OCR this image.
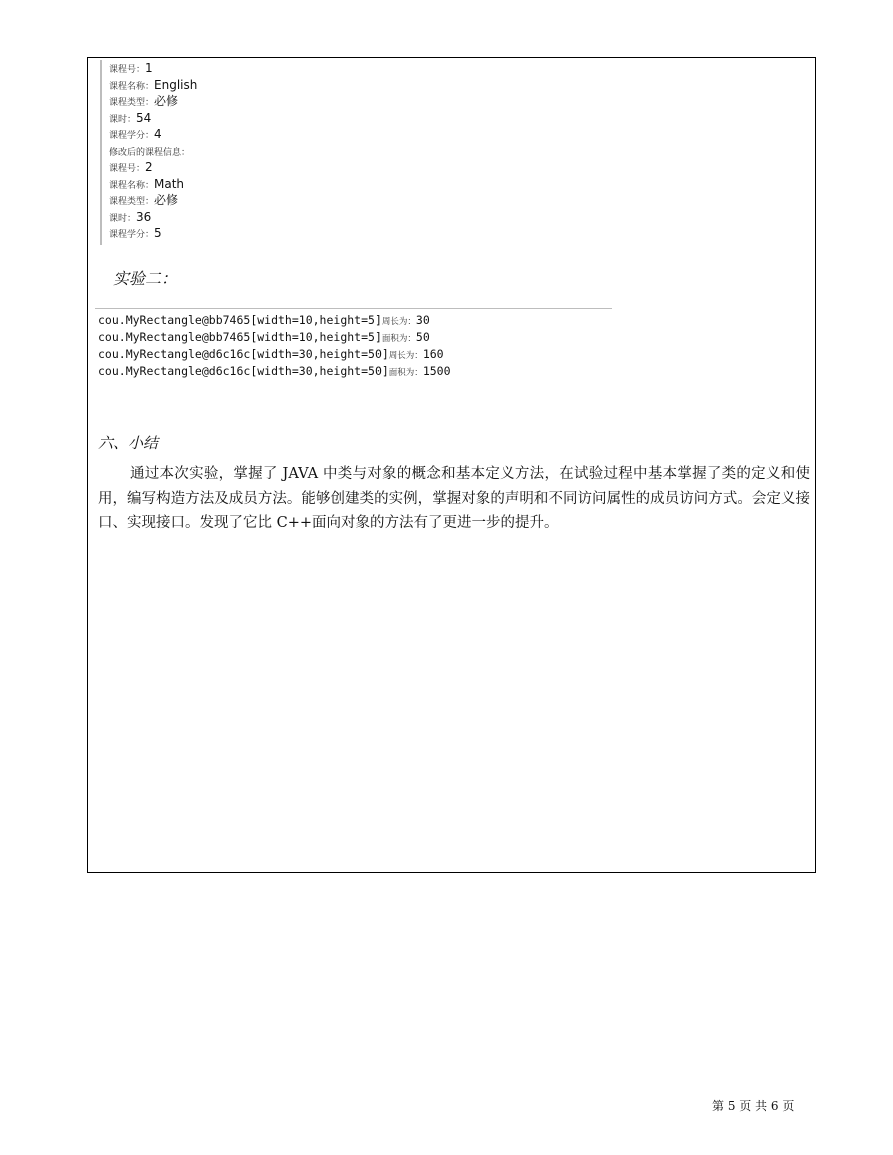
课程号：1
课程名称：English
课程类型：必修
课时：54
课程学分：4
修改后的课程信息：
课程号：2
课程名称：Math
课程类型：必修
课时：36
课程学分：5
实验二：
cou.MyRectangle@bb7465[width=10,height=5]周长为：30
cou.MyRectangle@bb7465[width=10,height=5]面积为：50
cou.MyRectangle@d6c16c[width=30,height=50]周长为：160
cou.MyRectangle@d6c16c[width=30,height=50]面积为：1500
六、小结
通过本次实验，掌握了 JAVA 中类与对象的概念和基本定义方法，在试验过程中基本掌握了类的定义和使用，编写构造方法及成员方法。能够创建类的实例，掌握对象的声明和不同访问属性的成员访问方式。会定义接口、实现接口。发现了它比 C++面向对象的方法有了更进一步的提升。
第 5 页 共 6 页
